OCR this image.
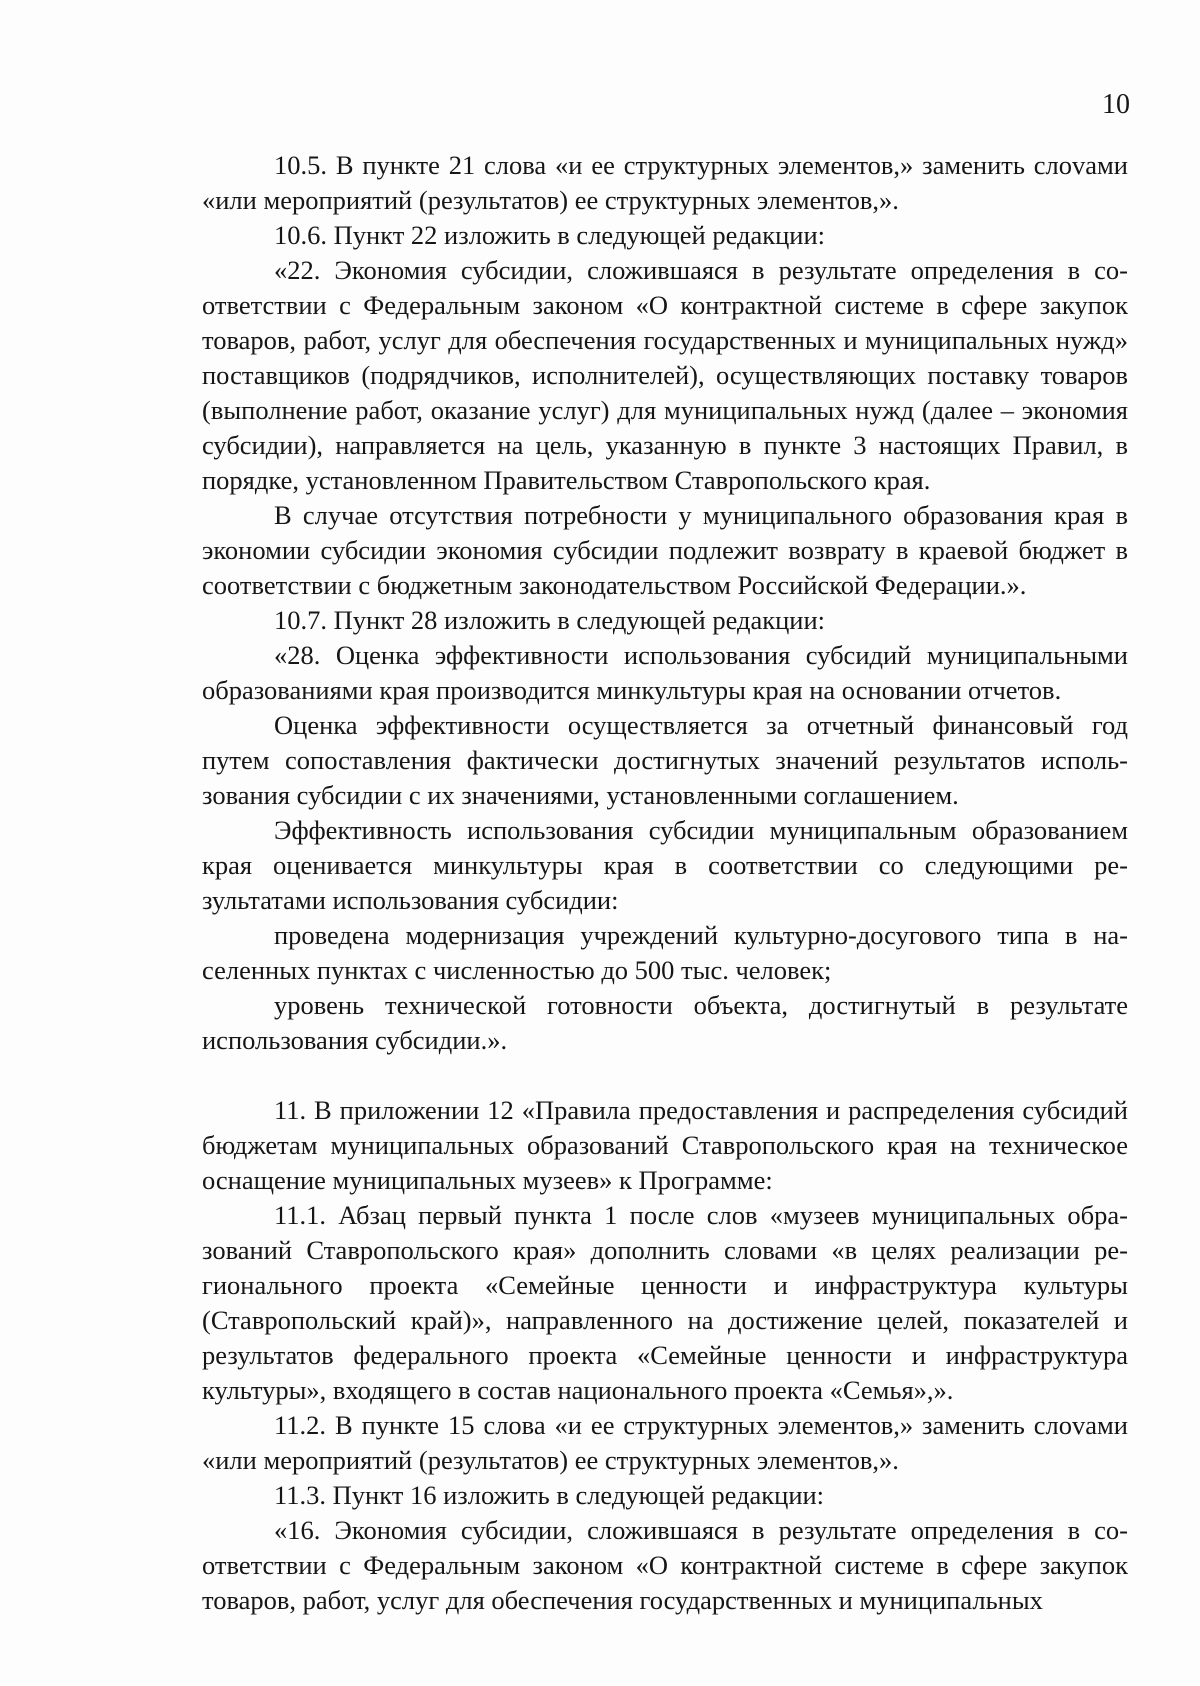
10

10.5. В пункте 21 слова «и ее структурных элементов,» заменить слоvами «или мероприятий (результатов) ее структурных элементов,».

10.6. Пункт 22 изложить в следующей редакции:

«22. Экономия субсидии, сложившаяся в результате определения в соответствии с Федеральным законом «О контрактной системе в сфере закупок товаров, работ, услуг для обеспечения государственных и муниципальных нужд» поставщиков (подрядчиков, исполнителей), осуществляющих поставку товаров (выполнение работ, оказание услуг) для муниципальных нужд (далее – экономия субсидии), направляется на цель, указанную в пункте 3 настоящих Правил, в порядке, установленном Правительством Ставропольского края.

В случае отсутствия потребности у муниципального образования края в экономии субсидии экономия субсидии подлежит возврату в краевой бюджет в соответствии с бюджетным законодательством Российской Федерации.».

10.7. Пункт 28 изложить в следующей редакции:

«28. Оценка эффективности использования субсидий муниципальными образованиями края производится минкультуры края на основании отчетов.

Оценка эффективности осуществляется за отчетный финансовый год путем сопоставления фактически достигнутых значений результатов использования субсидии с их значениями, установленными соглашением.

Эффективность использования субсидии муниципальным образованием края оценивается минкультуры края в соответствии со следующими результатами использования субсидии:

проведена модернизация учреждений культурно-досугового типа в населенных пунктах с численностью до 500 тыс. человек;

уровень технической готовности объекта, достигнутый в результате использования субсидии.».

11. В приложении 12 «Правила предоставления и распределения субсидий бюджетам муниципальных образований Ставропольского края на техническое оснащение муниципальных музеев» к Программе:

11.1. Абзац первый пункта 1 после слов «музеев муниципальных образований Ставропольского края» дополнить словами «в целях реализации регионального проекта «Семейные ценности и инфраструктура культуры (Ставропольский край)», направленного на достижение целей, показателей и результатов федерального проекта «Семейные ценности и инфраструктура культуры», входящего в состав национального проекта «Семья»,».

11.2. В пункте 15 слова «и ее структурных элементов,» заменить слоvами «или мероприятий (результатов) ее структурных элементов,».

11.3. Пункт 16 изложить в следующей редакции:

«16. Экономия субсидии, сложившаяся в результате определения в соответствии с Федеральным законом «О контрактной системе в сфере закупок товаров, работ, услуг для обеспечения государственных и муниципальных
